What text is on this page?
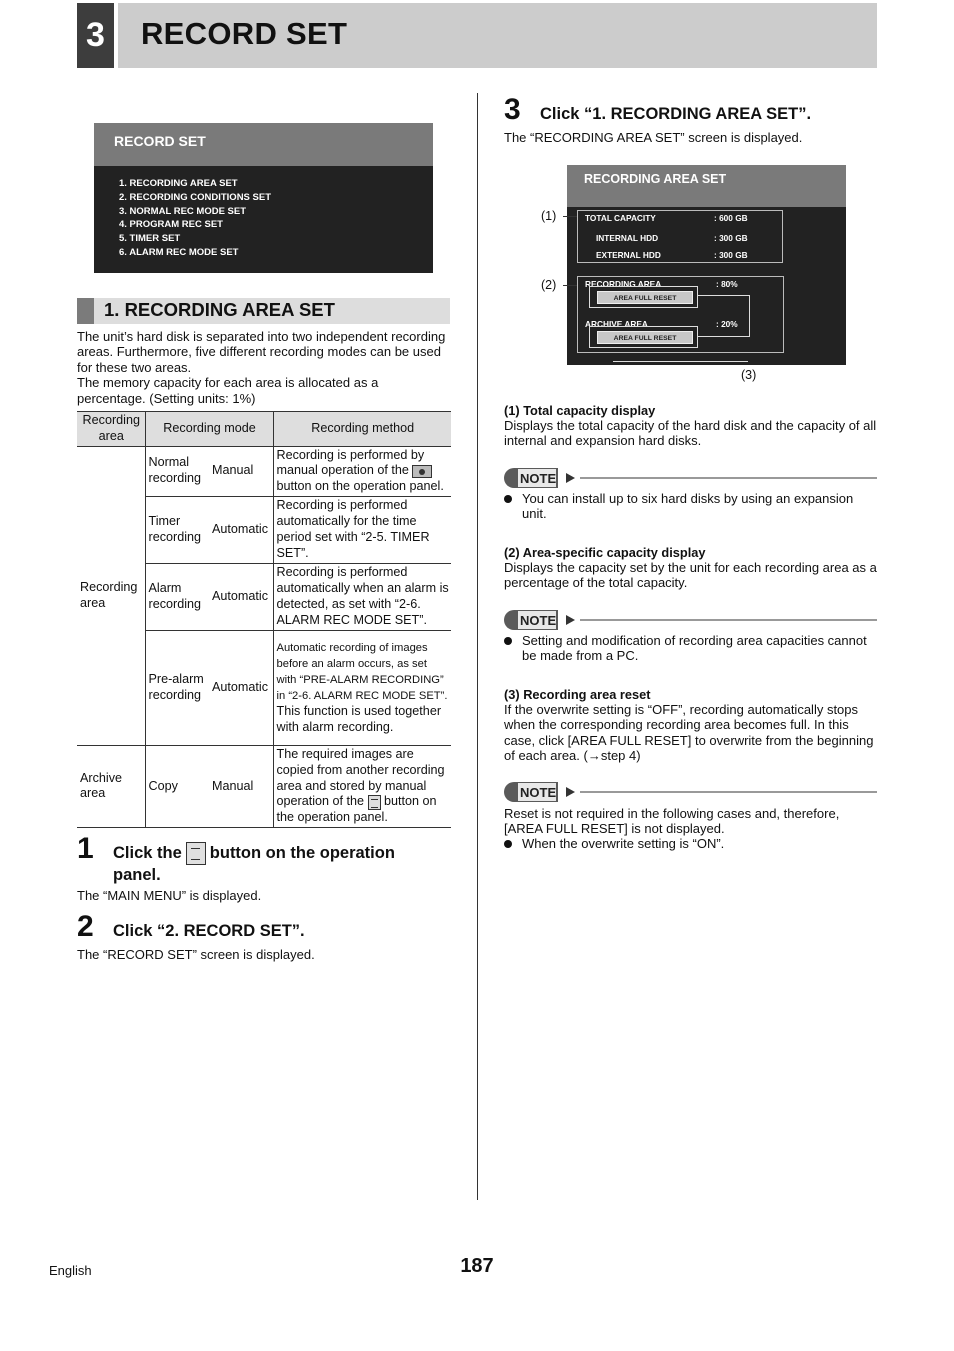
3 RECORD SET
RECORD SET
1. RECORDING AREA SET
2. RECORDING CONDITIONS SET
3. NORMAL REC MODE SET
4. PROGRAM REC SET
5. TIMER SET
6. ALARM REC MODE SET
1. RECORDING AREA SET
The unit’s hard disk is separated into two independent recording areas. Furthermore, five different recording modes can be used for these two areas.
The memory capacity for each area is allocated as a percentage. (Setting units: 1%)
Recording area	Recording mode		Recording method
Recording area	Normal recording	Manual	Recording is performed by manual operation of the  button on the operation panel.
	Timer recording	Automatic	Recording is performed automatically for the time period set with “2-5. TIMER SET”.
	Alarm recording	Automatic	Recording is performed automatically when an alarm is detected, as set with “2-6. ALARM REC MODE SET”.
	Pre-alarm recording	Automatic	Automatic recording of images before an alarm occurs, as set with “PRE-ALARM RECORDING” in “2-6. ALARM REC MODE SET”.
This function is used together with alarm recording.

Archive area	Copy	Manual	The required images are copied from another recording area and stored by manual operation of the button on the operation panel.
1 Click the button on the operation panel.
The “MAIN MENU” is displayed.
2 Click “2. RECORD SET”.
The “RECORD SET” screen is displayed.
3 Click “1. RECORDING AREA SET”.
The “RECORDING AREA SET” screen is displayed.
RECORDING AREA SET
TOTAL CAPACITY	: 600 GB
INTERNAL HDD	: 300 GB
EXTERNAL HDD	: 300 GB
RECORDING AREA	: 80%
AREA FULL RESET
ARCHIVE AREA	: 20%
AREA FULL RESET
(1)
(2)
(3)
(1) Total capacity display
Displays the total capacity of the hard disk and the capacity of all internal and expansion hard disks.
NOTE
You can install up to six hard disks by using an expansion unit.
(2) Area-specific capacity display
Displays the capacity set by the unit for each recording area as a percentage of the total capacity.
NOTE
Setting and modification of recording area capacities cannot be made from a PC.
(3) Recording area reset
If the overwrite setting is “OFF”, recording automatically stops when the corresponding recording area becomes full. In this case, click [AREA FULL RESET] to overwrite from the beginning of each area. (→step 4)
NOTE
Reset is not required in the following cases and, therefore, [AREA FULL RESET] is not displayed.
When the overwrite setting is “ON”.
English	187
